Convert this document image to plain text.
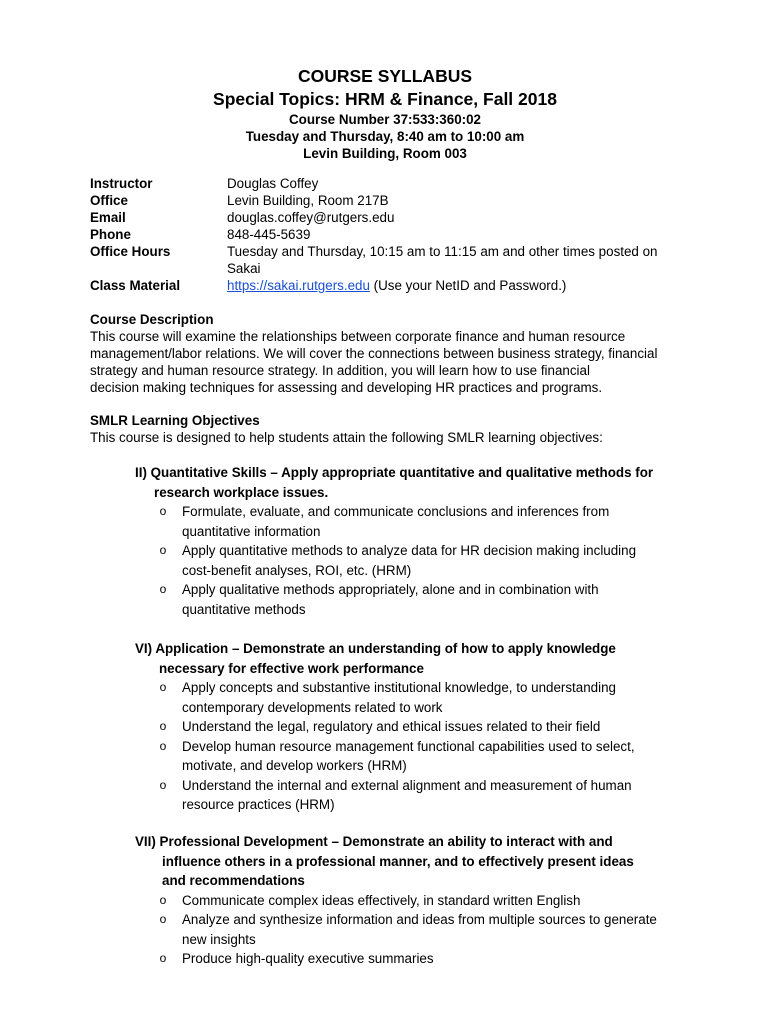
COURSE SYLLABUS
Special Topics: HRM & Finance, Fall 2018
Course Number 37:533:360:02
Tuesday and Thursday, 8:40 am to 10:00 am
Levin Building, Room 003
Instructor	Douglas Coffey
Office	Levin Building, Room 217B
Email	douglas.coffey@rutgers.edu
Phone	848-445-5639
Office Hours	Tuesday and Thursday, 10:15 am to 11:15 am and other times posted on
Sakai
Class Material	https://sakai.rutgers.edu (Use your NetID and Password.)
Course Description
This course will examine the relationships between corporate finance and human resource
management/labor relations. We will cover the connections between business strategy, financial
strategy and human resource strategy. In addition, you will learn how to use financial
decision making techniques for assessing and developing HR practices and programs.
SMLR Learning Objectives
This course is designed to help students attain the following SMLR learning objectives:
II) Quantitative Skills – Apply appropriate quantitative and qualitative methods for
research workplace issues.
o Formulate, evaluate, and communicate conclusions and inferences from
quantitative information
o Apply quantitative methods to analyze data for HR decision making including
cost-benefit analyses, ROI, etc. (HRM)
o Apply qualitative methods appropriately, alone and in combination with
quantitative methods
VI) Application – Demonstrate an understanding of how to apply knowledge
necessary for effective work performance
o Apply concepts and substantive institutional knowledge, to understanding
contemporary developments related to work
o Understand the legal, regulatory and ethical issues related to their field
o Develop human resource management functional capabilities used to select,
motivate, and develop workers (HRM)
o Understand the internal and external alignment and measurement of human
resource practices (HRM)
VII) Professional Development – Demonstrate an ability to interact with and
influence others in a professional manner, and to effectively present ideas
and recommendations
o Communicate complex ideas effectively, in standard written English
o Analyze and synthesize information and ideas from multiple sources to generate
new insights
o Produce high-quality executive summaries
